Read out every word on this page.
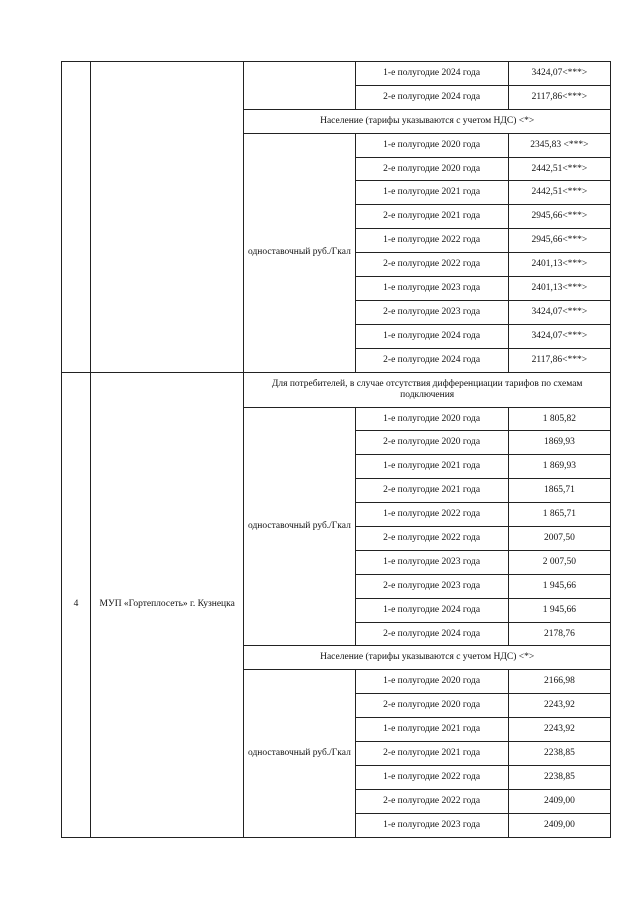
			1-е полугодие 2024 года	3424,07<***>
			2-е полугодие 2024 года	2117,86<***>
		Население (тарифы указываются с учетом НДС) <*>		
		одноставочный руб./Гкал	1-е полугодие 2020 года	2345,83 <***>
			2-е полугодие 2020 года	2442,51<***>
			1-е полугодие 2021 года	2442,51<***>
			2-е полугодие 2021 года	2945,66<***>
			1-е полугодие 2022 года	2945,66<***>
			2-е полугодие 2022 года	2401,13<***>
			1-е полугодие 2023 года	2401,13<***>
			2-е полугодие 2023 года	3424,07<***>
			1-е полугодие 2024 года	3424,07<***>
			2-е полугодие 2024 года	2117,86<***>
4	МУП «Гортеплосеть» г. Кузнецка	Для потребителей, в случае отсутствия дифференциации тарифов по схемам подключения		
		одноставочный руб./Гкал	1-е полугодие 2020 года	1 805,82
			2-е полугодие 2020 года	1869,93
			1-е полугодие 2021 года	1 869,93
			2-е полугодие 2021 года	1865,71
			1-е полугодие 2022 года	1 865,71
			2-е полугодие 2022 года	2007,50
			1-е полугодие 2023 года	2 007,50
			2-е полугодие 2023 года	1 945,66
			1-е полугодие 2024 года	1 945,66
			2-е полугодие 2024 года	2178,76
		Население (тарифы указываются с учетом НДС) <*>		
		одноставочный руб./Гкал	1-е полугодие 2020 года	2166,98
			2-е полугодие 2020 года	2243,92
			1-е полугодие 2021 года	2243,92
			2-е полугодие 2021 года	2238,85
			1-е полугодие 2022 года	2238,85
			2-е полугодие 2022 года	2409,00
			1-е полугодие 2023 года	2409,00
